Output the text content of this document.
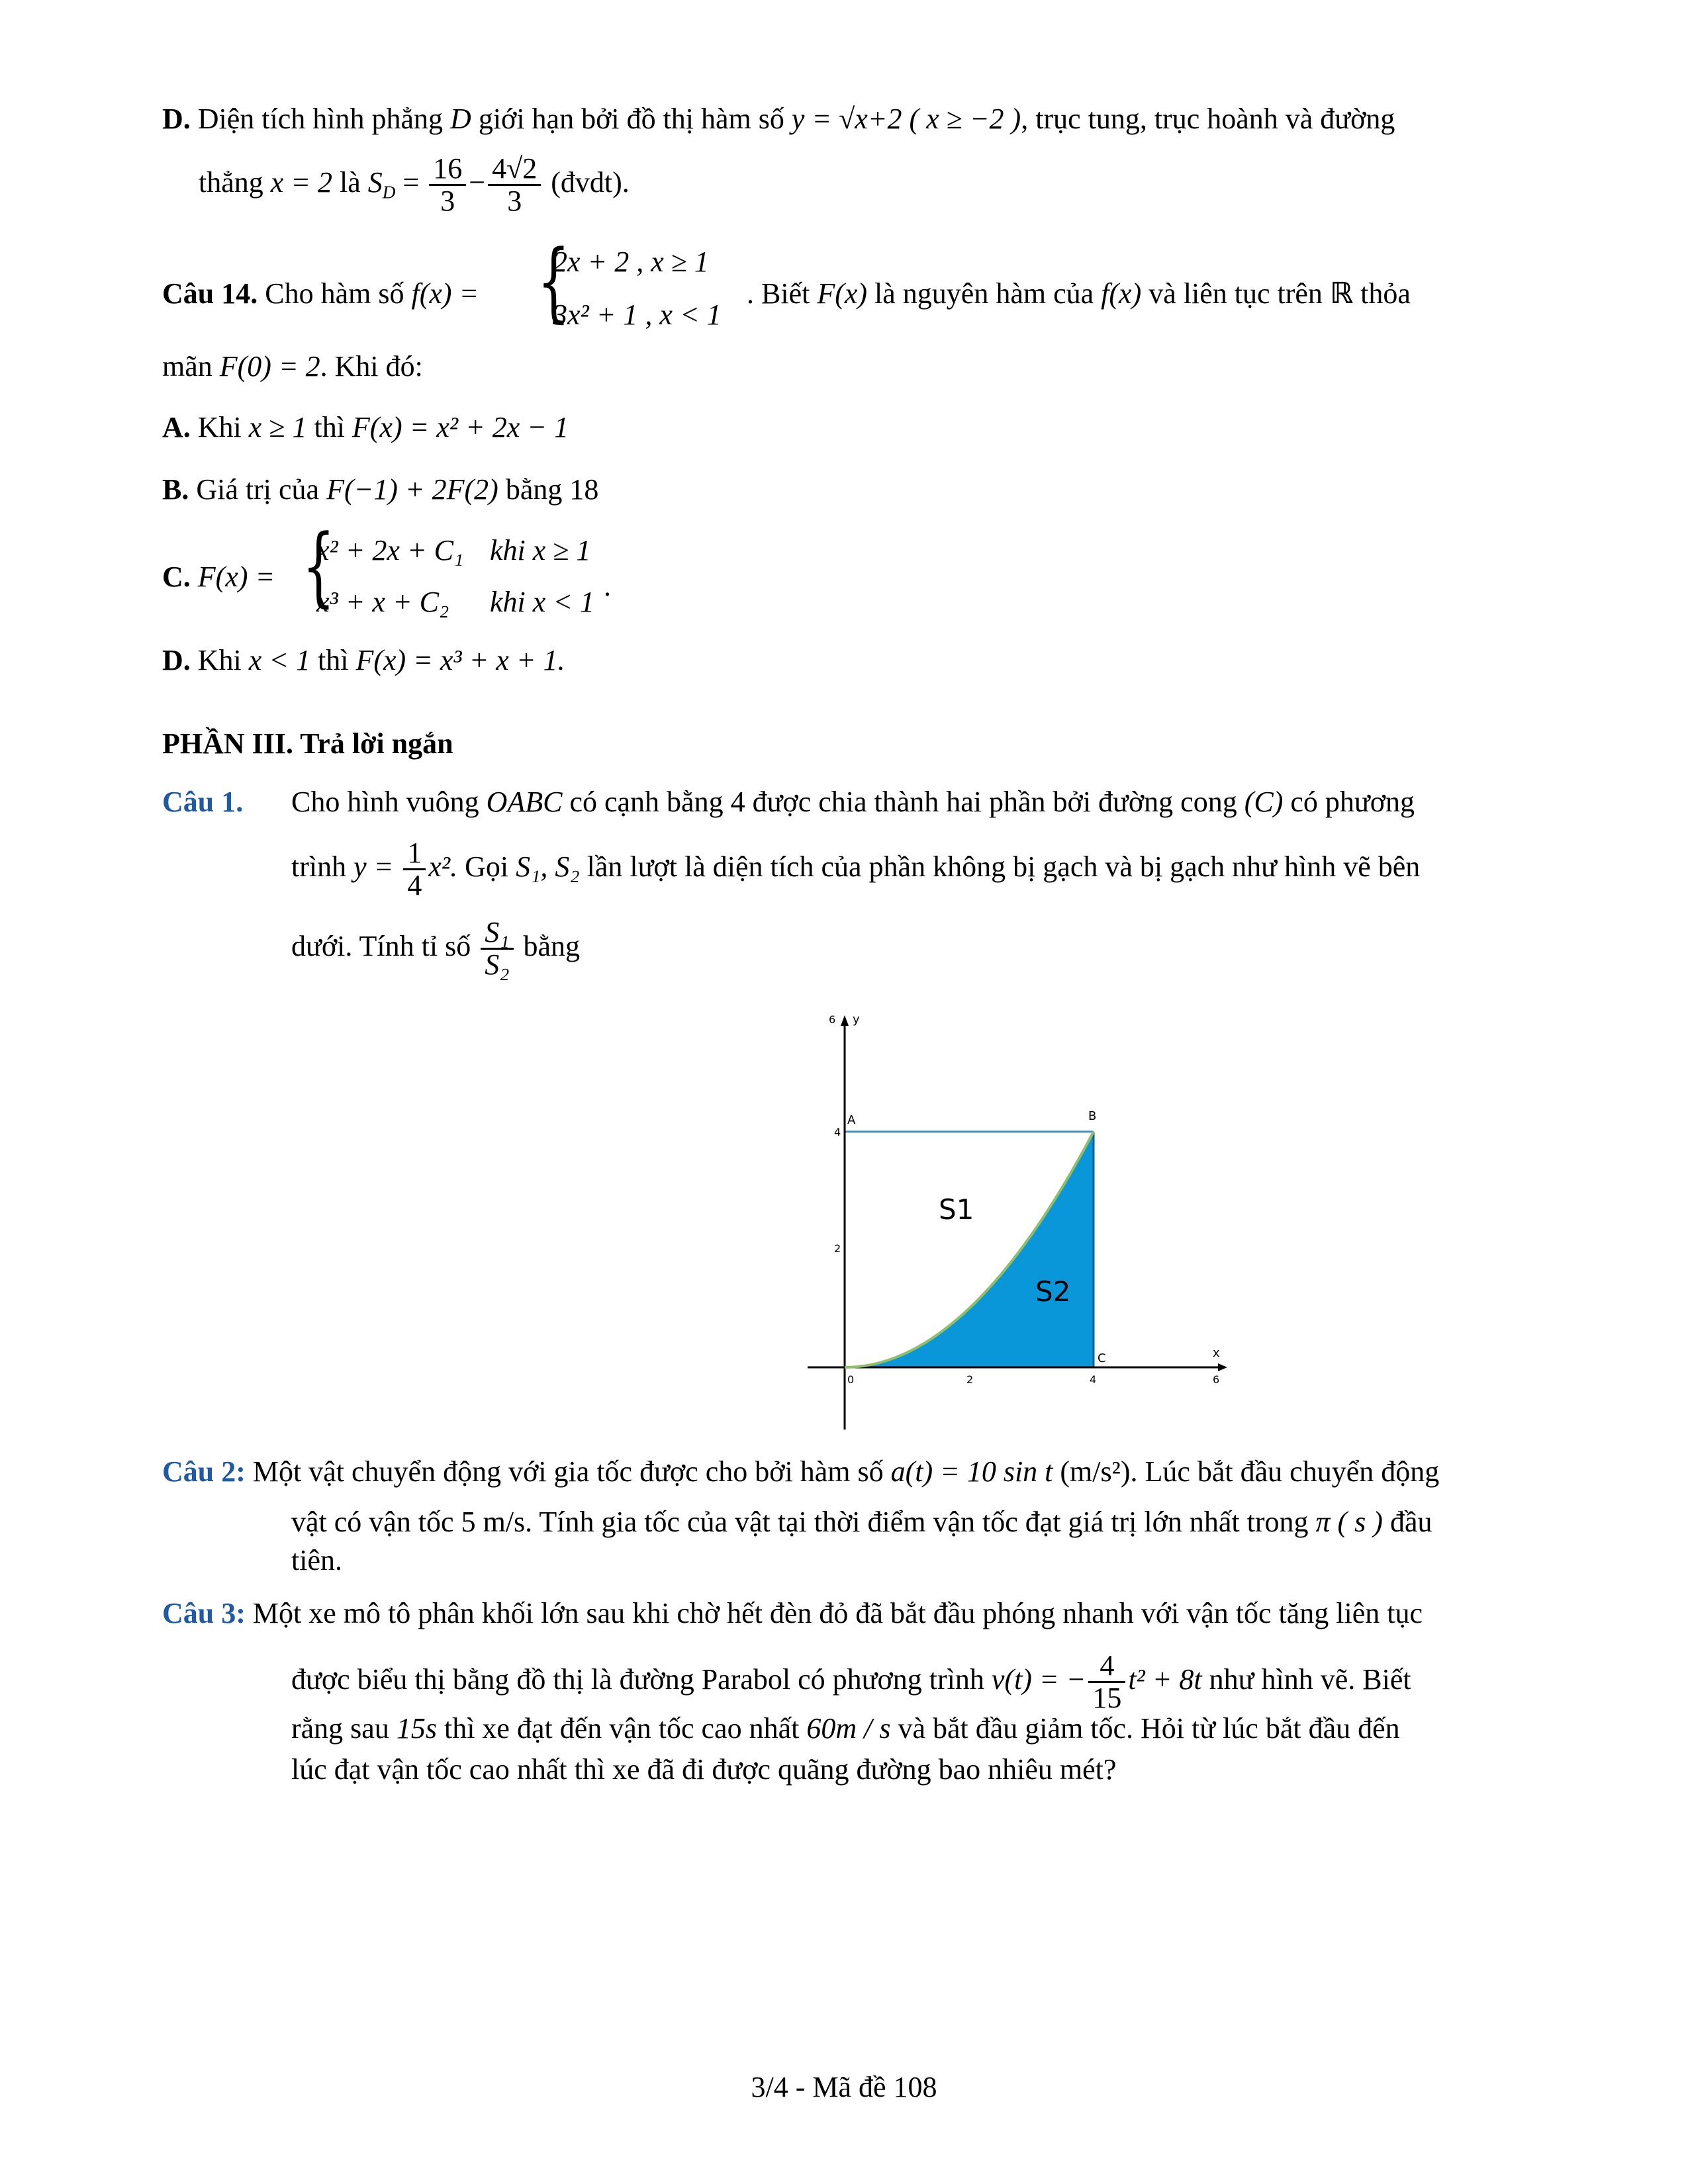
D. Diện tích hình phẳng D giới hạn bởi đồ thị hàm số y = √x+2 ( x ≥ −2 ), trục tung, trục hoành và đường
thẳng x = 2 là $S_D = \frac{16}{3} - \frac{4√2}{3}$ (đvdt).
Câu 14. Cho hàm số f(x) = {
2x + 2 , x ≥ 1
3x² + 1 , x < 1
. Biết F(x) là nguyên hàm của f(x) và liên tục trên ℝ thỏa
mãn F(0) = 2. Khi đó:
A. Khi x ≥ 1 thì F(x) = x² + 2x − 1
B. Giá trị của F(−1) + 2F(2) bằng 18
C. F(x) = {
x² + 2x + C₁ khi x ≥ 1
x³ + x + C₂ khi x < 1 .
D. Khi x < 1 thì F(x) = x³ + x + 1.
PHẦN III. Trả lời ngắn
Câu 1. Cho hình vuông OABC có cạnh bằng 4 được chia thành hai phần bởi đường cong (C) có phương
trình $y = \frac{1}{4} x^2$. Gọi S₁, S₂ lần lượt là diện tích của phần không bị gạch và bị gạch như hình vẽ bên
dưới. Tính tỉ số $\frac{\text{S₁}}{\text{S₂}}$ bằng
6 y
x
4
2
0	2	4	6
A	B
C
S1
S2
Câu 2: Một vật chuyển động với gia tốc được cho bởi hàm số a(t) = 10 sin t (m/s²). Lúc bắt đầu chuyển động
vật có vận tốc 5 m/s. Tính gia tốc của vật tại thời điểm vận tốc đạt giá trị lớn nhất trong π ( s ) đầu
tiên.
Câu 3: Một xe mô tô phân khối lớn sau khi chờ hết đèn đỏ đã bắt đầu phóng nhanh với vận tốc tăng liên tục
được biểu thị bằng đồ thị là đường Parabol có phương trình v(t) = − $\frac{4}{15} t^2 + 8t$ như hình vẽ. Biết
rằng sau 15s thì xe đạt đến vận tốc cao nhất 60m / s và bắt đầu giảm tốc. Hỏi từ lúc bắt đầu đến
lúc đạt vận tốc cao nhất thì xe đã đi được quãng đường bao nhiêu mét?
3/4 - Mã đề 108
